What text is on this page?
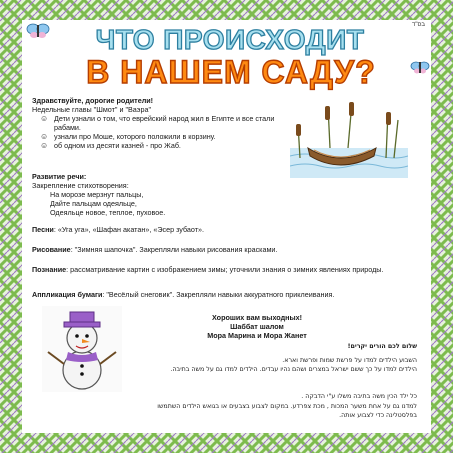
בס"ד
ЧТО ПРОИСХОДИТ
В НАШЕМ САДУ?
Здравствуйте, дорогие родители!
Недельные главы "Шмот" и "Ваэра"
☺ Дети узнали о том, что еврейский народ жил в Египте и все стали рабами.
☺ узнали про Моше, которого положили в корзину.
☺ об одном из десяти казней - про Жаб.
Развитие речи:
Закрепление стихотворения:
На морозе мерзнут пальцы,
Дайте пальцам одеяльце,
Одеяльце новое, теплое, пуховое.
Песни: «Уга уга», «Шафан акатан», «Эсер зубаот».
Рисование: "Зимняя шапочка". Закрепляли навыки рисования красками.
Познание: рассматривание картин с изображением зимы; уточнили знания о зимних явлениях природы.
Аппликация бумаги: "Весёлый снеговик". Закрепляли навыки аккуратного приклеивания.
Хороших вам выходных!
Шаббат шалом
Мора Марина и Мора Жанет
שלום לכם הורים יקרים!
השבוע הילדים למדו על פרשת שמות ופרשת וארא.
הילדים למדו על כך ששם ישראל במצרים ושהם נהיו עבדים. הילדים למדו גם על משה בתיבה.
כל ילד הכין משה בתיבה משלו ע"י הדבקה .
למדנו גם על אחת משער המכות , מכת צפרדע. במקום לצבוע בצבעים או בגואש הילדים השתמשו בפלסטלינה כדי לצבוע אותה.
